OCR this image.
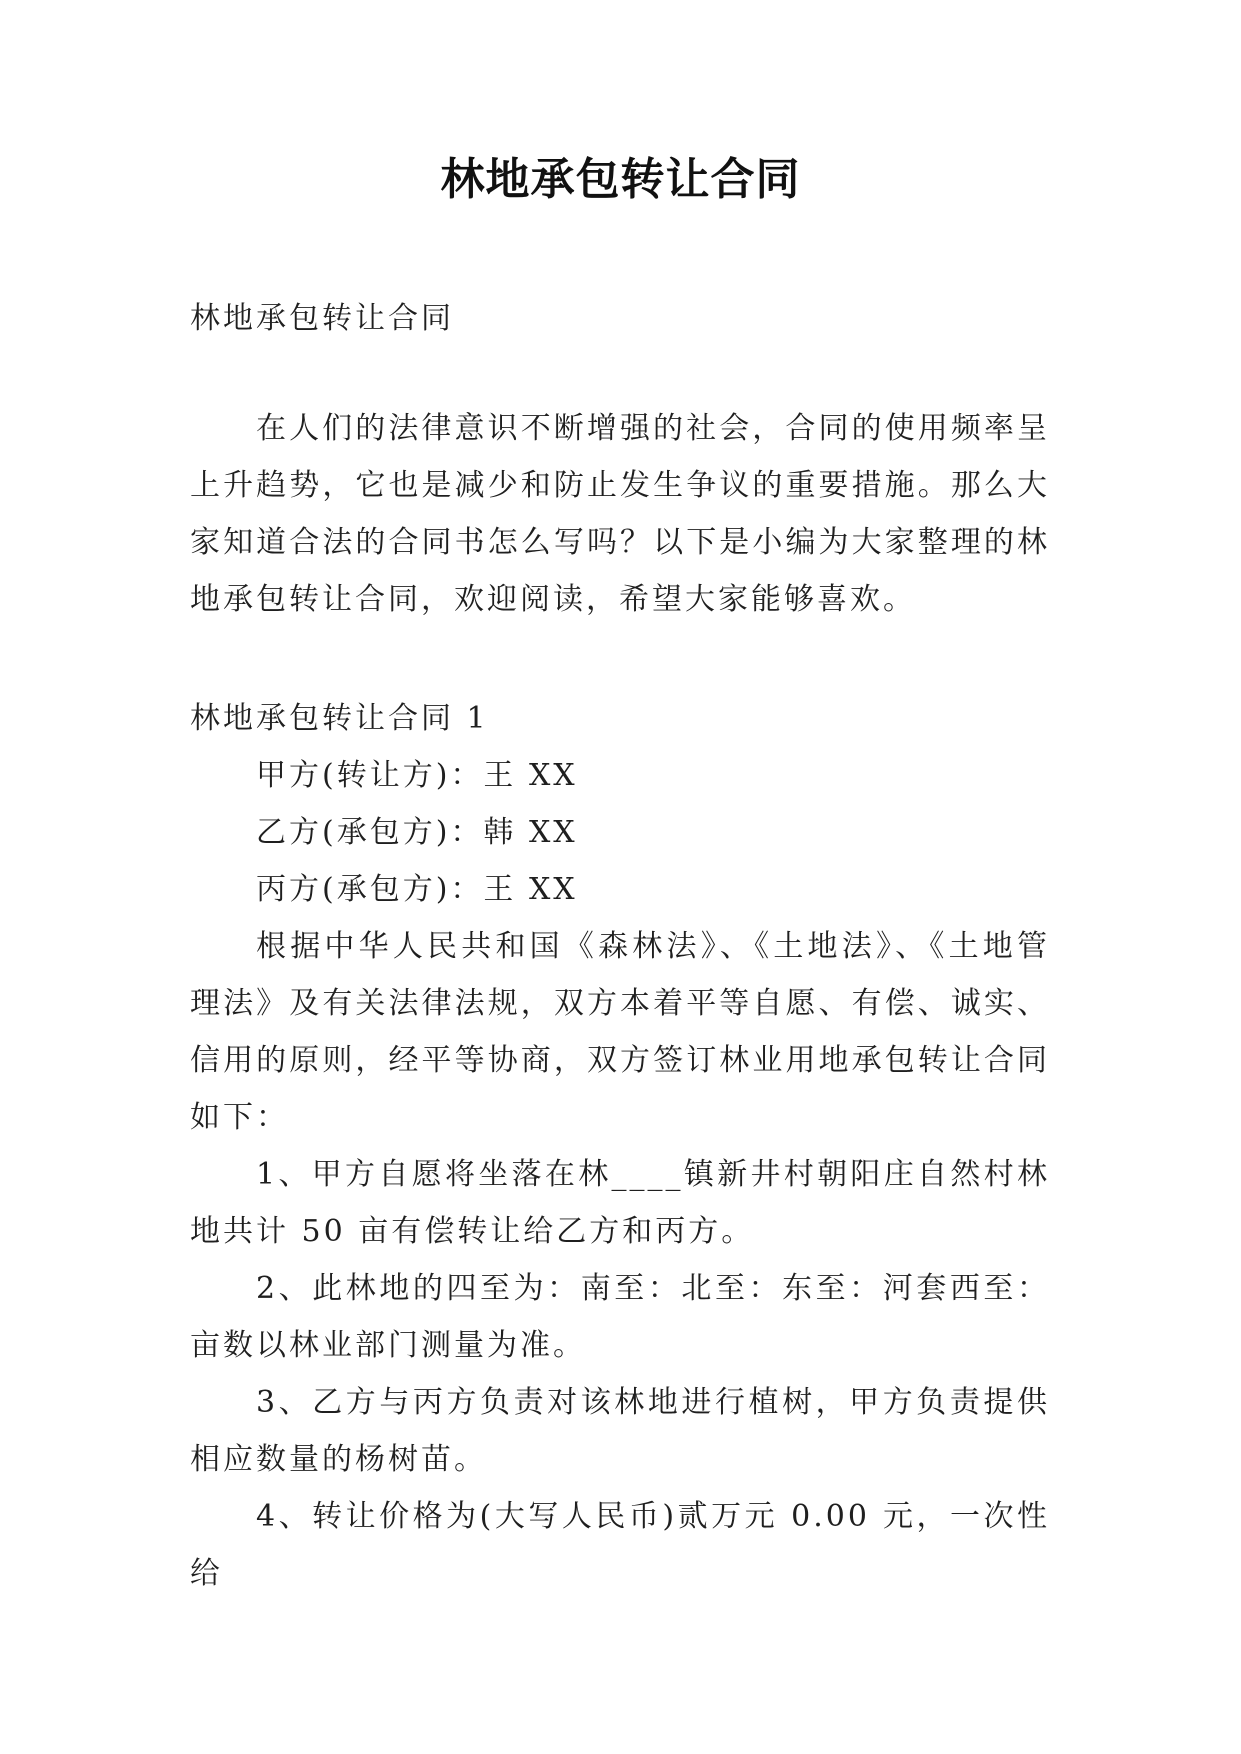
林地承包转让合同
林地承包转让合同
在人们的法律意识不断增强的社会，合同的使用频率呈上升趋势，它也是减少和防止发生争议的重要措施。那么大家知道合法的合同书怎么写吗？以下是小编为大家整理的林地承包转让合同，欢迎阅读，希望大家能够喜欢。

林地承包转让合同 1

甲方(转让方)：王 XX

乙方(承包方)：韩 XX

丙方(承包方)：王 XX

根据中华人民共和国《森林法》、《土地法》、《土地管理法》及有关法律法规，双方本着平等自愿、有偿、诚实、信用的原则，经平等协商，双方签订林业用地承包转让合同如下：

1、甲方自愿将坐落在林____镇新井村朝阳庄自然村林地共计 50 亩有偿转让给乙方和丙方。

2、此林地的四至为：南至：北至：东至：河套西至：亩数以林业部门测量为准。

3、乙方与丙方负责对该林地进行植树，甲方负责提供相应数量的杨树苗。

4、转让价格为(大写人民币)贰万元 0.00 元，一次性给
